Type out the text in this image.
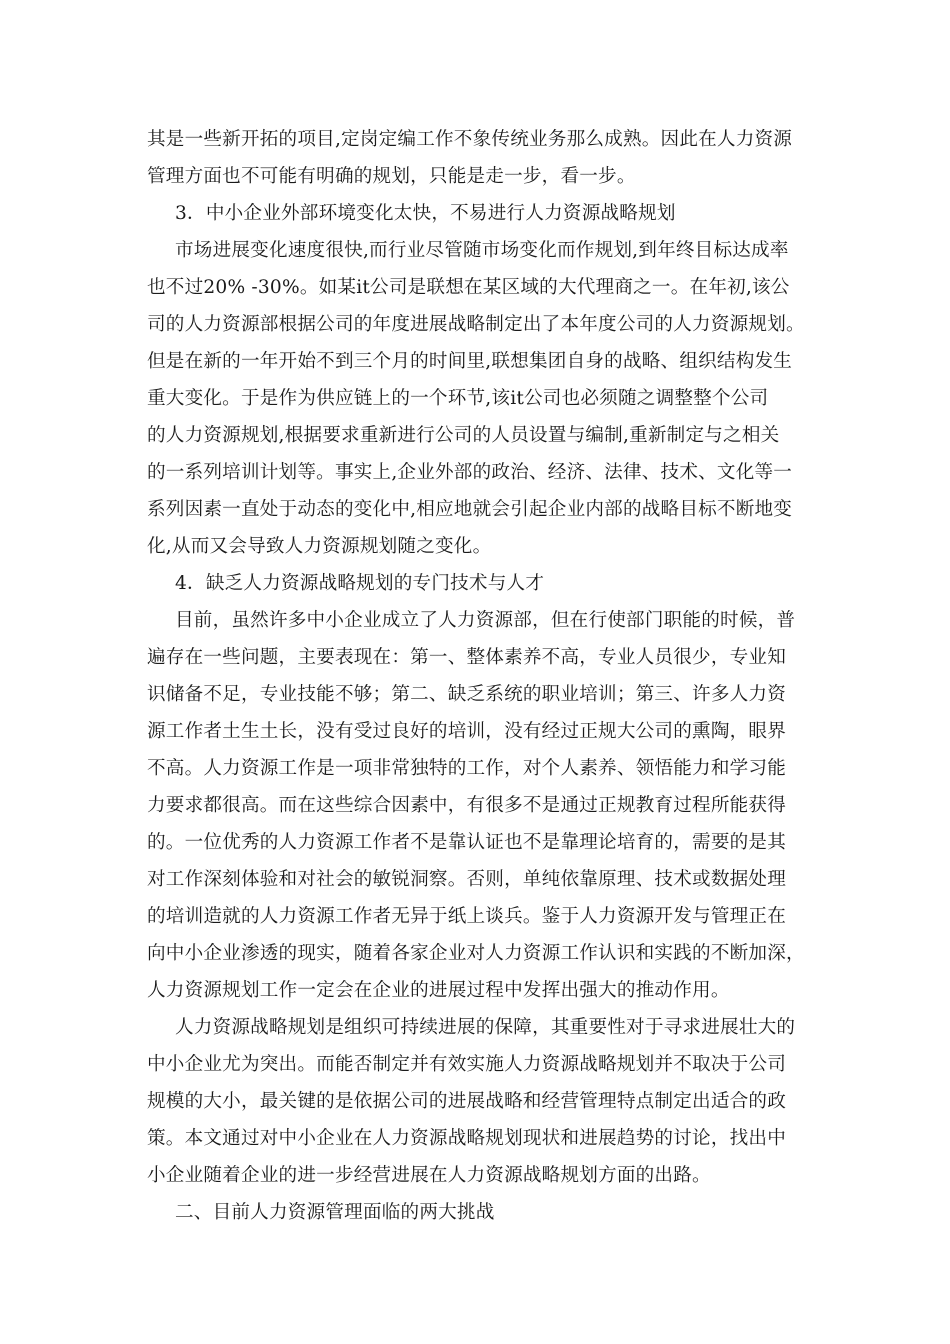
其是一些新开拓的项目,定岗定编工作不象传统业务那么成熟。因此在人力资源
管理方面也不可能有明确的规划，只能是走一步，看一步。
3．中小企业外部环境变化太快，不易进行人力资源战略规划
市场进展变化速度很快,而行业尽管随市场变化而作规划,到年终目标达成率
也不过20% -30%。如某it公司是联想在某区域的大代理商之一。在年初,该公
司的人力资源部根据公司的年度进展战略制定出了本年度公司的人力资源规划。
但是在新的一年开始不到三个月的时间里,联想集团自身的战略、组织结构发生
重大变化。于是作为供应链上的一个环节,该it公司也必须随之调整整个公司
的人力资源规划,根据要求重新进行公司的人员设置与编制,重新制定与之相关
的一系列培训计划等。事实上,企业外部的政治、经济、法律、技术、文化等一
系列因素一直处于动态的变化中,相应地就会引起企业内部的战略目标不断地变
化,从而又会导致人力资源规划随之变化。
4．缺乏人力资源战略规划的专门技术与人才
目前，虽然许多中小企业成立了人力资源部，但在行使部门职能的时候，普
遍存在一些问题，主要表现在：第一、整体素养不高，专业人员很少，专业知
识储备不足，专业技能不够；第二、缺乏系统的职业培训；第三、许多人力资
源工作者土生土长，没有受过良好的培训，没有经过正规大公司的熏陶，眼界
不高。人力资源工作是一项非常独特的工作，对个人素养、领悟能力和学习能
力要求都很高。而在这些综合因素中，有很多不是通过正规教育过程所能获得
的。一位优秀的人力资源工作者不是靠认证也不是靠理论培育的，需要的是其
对工作深刻体验和对社会的敏锐洞察。否则，单纯依靠原理、技术或数据处理
的培训造就的人力资源工作者无异于纸上谈兵。鉴于人力资源开发与管理正在
向中小企业渗透的现实，随着各家企业对人力资源工作认识和实践的不断加深，
人力资源规划工作一定会在企业的进展过程中发挥出强大的推动作用。
人力资源战略规划是组织可持续进展的保障，其重要性对于寻求进展壮大的
中小企业尤为突出。而能否制定并有效实施人力资源战略规划并不取决于公司
规模的大小，最关键的是依据公司的进展战略和经营管理特点制定出适合的政
策。本文通过对中小企业在人力资源战略规划现状和进展趋势的讨论，找出中
小企业随着企业的进一步经营进展在人力资源战略规划方面的出路。
二、目前人力资源管理面临的两大挑战
